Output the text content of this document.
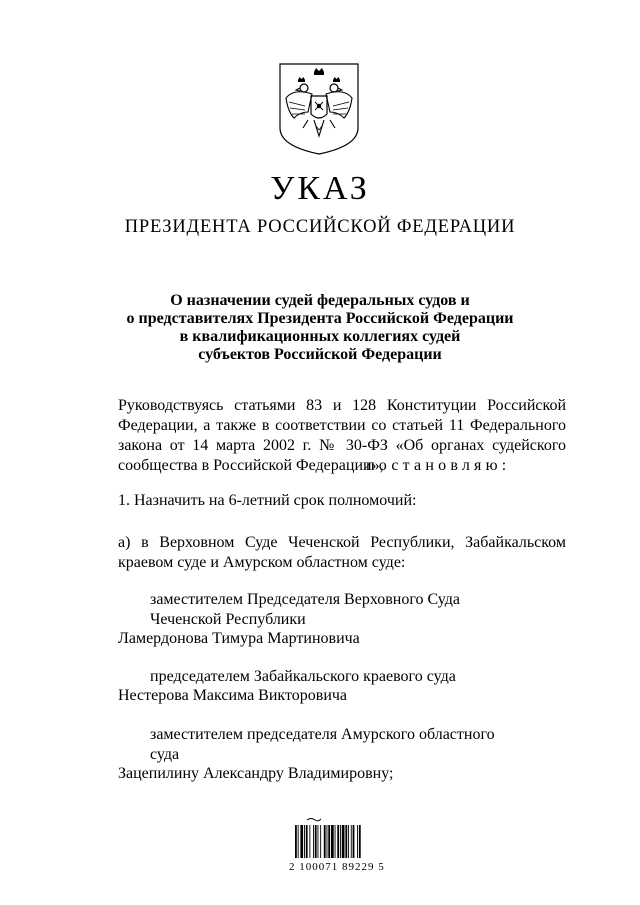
УКАЗ
ПРЕЗИДЕНТА РОССИЙСКОЙ ФЕДЕРАЦИИ
О назначении судей федеральных судов и
о представителях Президента Российской Федерации
в квалификационных коллегиях судей
субъектов Российской Федерации
Руководствуясь статьями 83 и 128 Конституции Российской
Федерации, а также в соответствии со статьей 11 Федерального
закона от 14 марта 2002 г. № 30-ФЗ «Об органах судейского
сообщества в Российской Федерации»,
постановляю:
1. Назначить на 6-летний срок полномочий:
а) в Верховном Суде Чеченской Республики, Забайкальском
краевом суде и Амурском областном суде:
заместителем Председателя Верховного Суда
Чеченской Республики
Ламердонова Тимура Мартиновича
председателем Забайкальского краевого суда
Нестерова Максима Викторовича
заместителем председателя Амурского областного
суда
Зацепилину Александру Владимировну;
2 100071 89229 5
